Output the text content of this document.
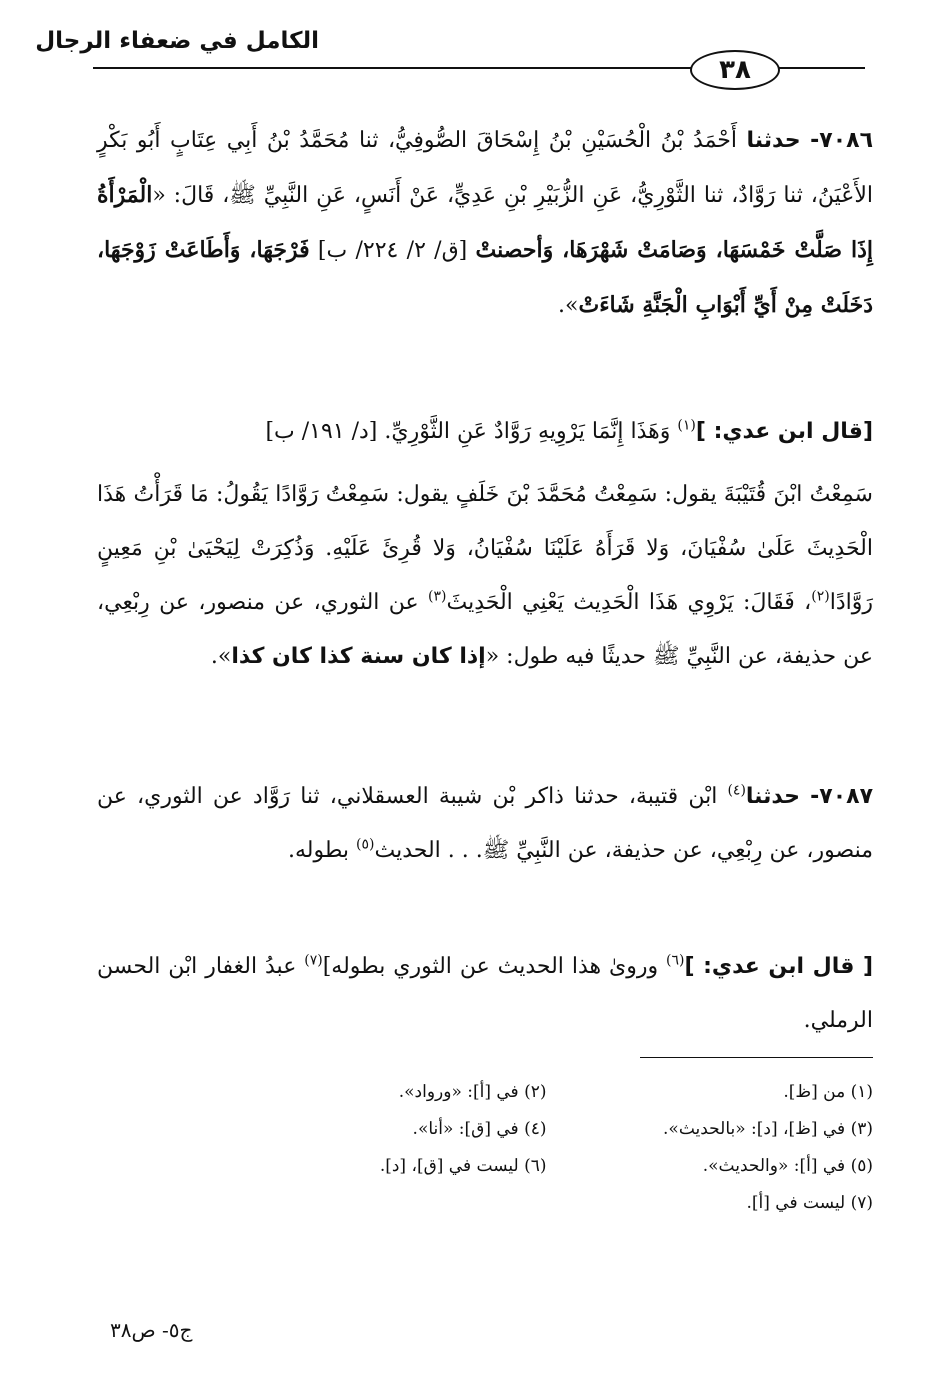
الكامل في ضعفاء الرجال
٣٨

٧٠٨٦- حدثنا أَحْمَدُ بْنُ الْحُسَيْنِ بْنُ إِسْحَاقَ الصُّوفِيُّ، ثنا مُحَمَّدُ بْنُ أَبِي عِتَابٍ أَبُو بَكْرٍ الأَعْيَنُ، ثنا رَوَّادٌ، ثنا الثَّوْرِيُّ، عَنِ الزُّبَيْرِ بْنِ عَدِيٍّ، عَنْ أَنَسٍ، عَنِ النَّبِيِّ ﷺ، قَالَ: «الْمَرْأَةُ إِذَا صَلَّتْ خَمْسَهَا، وَصَامَتْ شَهْرَهَا، وَأحصنتْ [ق/ ٢/ ٢٢٤/ ب] فَرْجَهَا، وَأَطَاعَتْ زَوْجَهَا، دَخَلَتْ مِنْ أَيِّ أَبْوَابِ الْجَنَّةِ شَاءَتْ».

[قال ابن عدي: ]$^{(١)}$ وَهَذَا إِنَّمَا يَرْوِيهِ رَوَّادٌ عَنِ الثَّوْرِيِّ. [د/ ١٩١/ ب]

سَمِعْتُ ابْنَ قُتَيْبَةَ يقول: سَمِعْتُ مُحَمَّدَ بْنَ خَلَفٍ يقول: سَمِعْتُ رَوَّادًا يَقُولُ: مَا قَرَأْتُ هَذَا الْحَدِيثَ عَلَىٰ سُفْيَانَ، وَلا قَرَأَهُ عَلَيْنَا سُفْيَانُ، وَلا قُرِئَ عَلَيْهِ. وَذُكِرَتْ لِيَحْيَىٰ بْنِ مَعِينٍ رَوَّادًا$^{(٢)}$، فَقَالَ: يَرْوِي هَذَا الْحَدِيث يَعْنِي الْحَدِيثَ$^{(٣)}$ عن الثوري، عن منصور، عن رِبْعِي، عن حذيفة، عن النَّبِيِّ ﷺ حديثًا فيه طول: «إذا كان سنة كذا كان كذا».

٧٠٨٧- حدثنا$^{(٤)}$ ابْن قتيبة، حدثنا ذاكر بْن شيبة العسقلاني، ثنا رَوَّاد عن الثوري، عن منصور، عن رِبْعِي، عن حذيفة، عن النَّبِيِّ ﷺ. . . الحديث$^{(٥)}$ بطوله.

[ قال ابن عدي: ]$^{(٦)}$ وروىٰ هذا الحديث عن الثوري بطوله]$^{(٧)}$ عبدُ الغفار ابْن الحسن الرملي.

(١) من [ظ].
(٢) في [أ]: «ورواد».
(٣) في [ظ]، [د]: «بالحديث».
(٤) في [ق]: «أنا».
(٥) في [أ]: «والحديث».
(٦) ليست في [ق]، [د].
(٧) ليست في [أ].
ج٥- ص٣٨
